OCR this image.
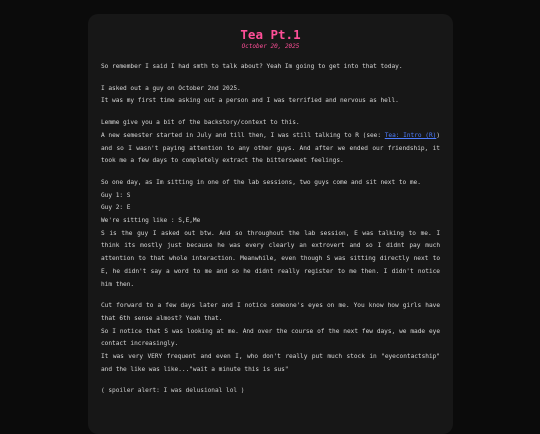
Tea Pt.1
October 20, 2025

So remember I said I had smth to talk about? Yeah Im going to get into that today.

I asked out a guy on October 2nd 2025.

It was my first time asking out a person and I was terrified and nervous as hell.

Lemme give you a bit of the backstory/context to this.

A new semester started in July and till then, I was still talking to R (see: Tea: Intro (R)) and so I wasn't paying attention to any other guys. And after we ended our friendship, it took me a few days to completely extract the bittersweet feelings.

So one day, as Im sitting in one of the lab sessions, two guys come and sit next to me.

Guy 1: S

Guy 2: E

We're sitting like : S,E,Me

S is the guy I asked out btw. And so throughout the lab session, E was talking to me. I think its mostly just because he was every clearly an extrovert and so I didnt pay much attention to that whole interaction. Meanwhile, even though S was sitting directly next to E, he didn't say a word to me and so he didnt really register to me then. I didn't notice him then.

Cut forward to a few days later and I notice someone's eyes on me. You know how girls have that 6th sense almost? Yeah that.

So I notice that S was looking at me. And over the course of the next few days, we made eye contact increasingly.

It was very VERY frequent and even I, who don't really put much stock in "eyecontactship" and the like was like..."wait a minute this is sus"

( spoiler alert: I was delusional lol )
